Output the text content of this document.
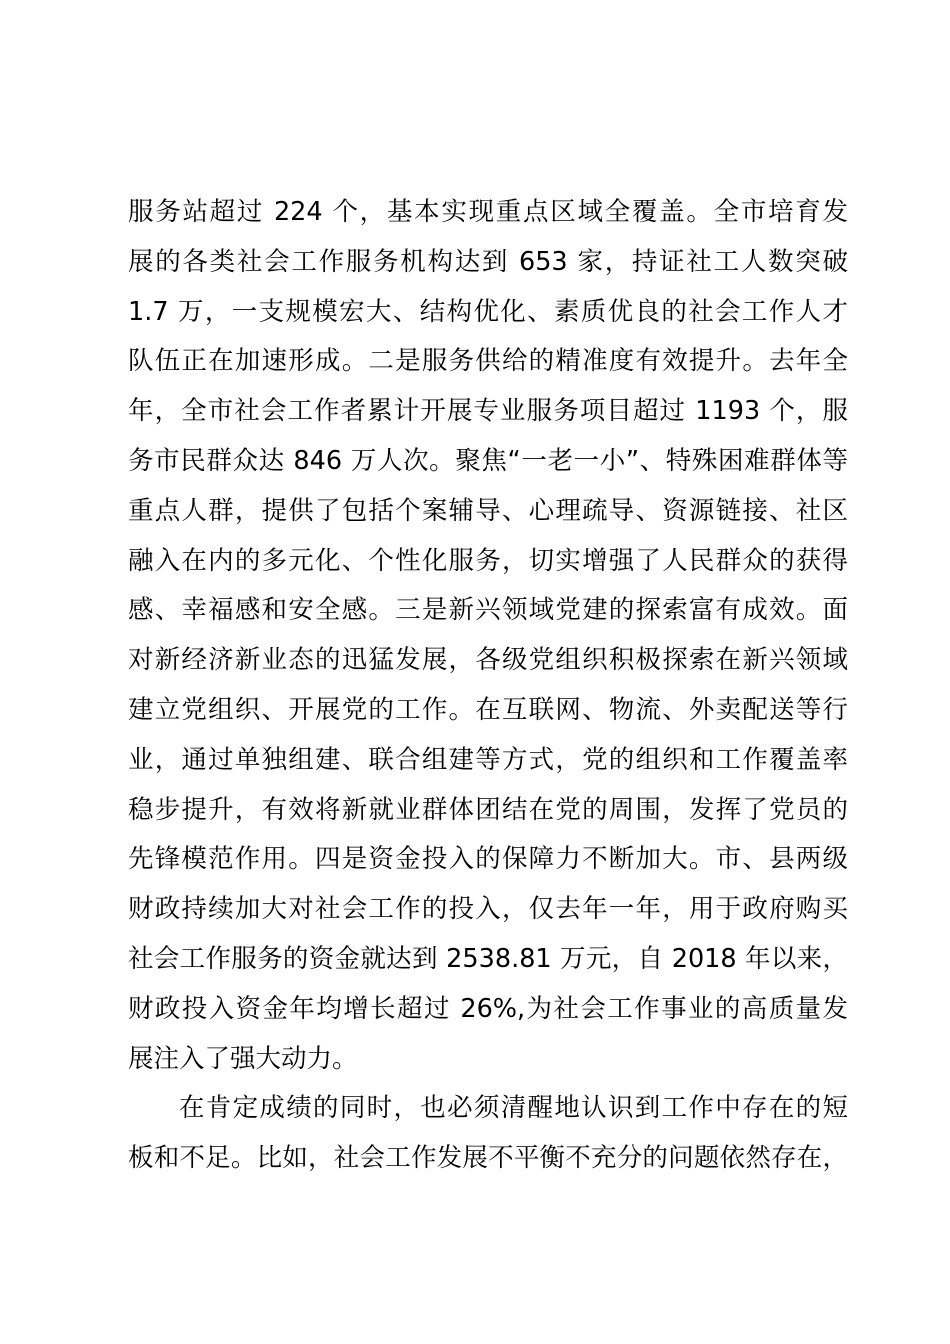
服务站超过 224 个，基本实现重点区域全覆盖。全市培育发
展的各类社会工作服务机构达到 653 家，持证社工人数突破
1.7 万，一支规模宏大、结构优化、素质优良的社会工作人才
队伍正在加速形成。二是服务供给的精准度有效提升。去年全
年，全市社会工作者累计开展专业服务项目超过 1193 个，服
务市民群众达 846 万人次。聚焦“一老一小”、特殊困难群体等
重点人群，提供了包括个案辅导、心理疏导、资源链接、社区
融入在内的多元化、个性化服务，切实增强了人民群众的获得
感、幸福感和安全感。三是新兴领域党建的探索富有成效。面
对新经济新业态的迅猛发展，各级党组织积极探索在新兴领域
建立党组织、开展党的工作。在互联网、物流、外卖配送等行
业，通过单独组建、联合组建等方式，党的组织和工作覆盖率
稳步提升，有效将新就业群体团结在党的周围，发挥了党员的
先锋模范作用。四是资金投入的保障力不断加大。市、县两级
财政持续加大对社会工作的投入，仅去年一年，用于政府购买
社会工作服务的资金就达到 2538.81 万元，自 2018 年以来，
财政投入资金年均增长超过 26%,为社会工作事业的高质量发
展注入了强大动力。
在肯定成绩的同时，也必须清醒地认识到工作中存在的短
板和不足。比如，社会工作发展不平衡不充分的问题依然存在，
